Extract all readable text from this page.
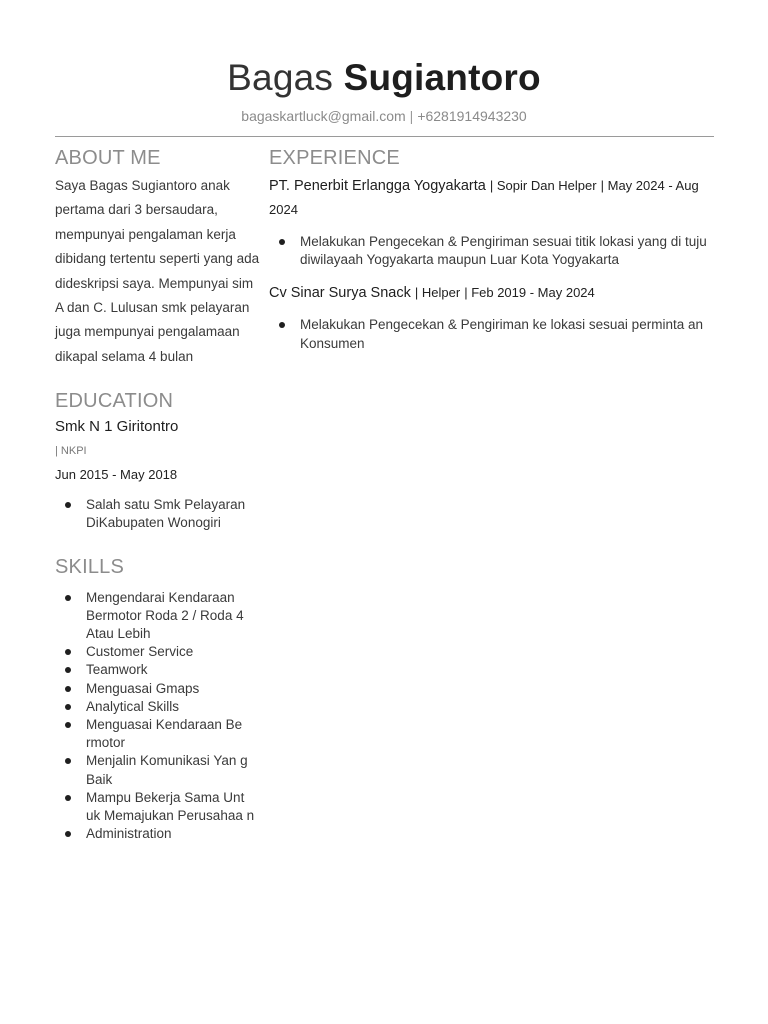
Bagas Sugiantoro
bagaskartluck@gmail.com | +6281914943230
ABOUT ME
Saya Bagas Sugiantoro anak pertama dari 3 bersaudara, mempunyai pengalaman kerja dibidang tertentu seperti yang ada dideskripsi saya. Mempunyai sim A dan C. Lulusan smk pelayaran juga mempunyai pengalamaan dikapal selama 4 bulan
EDUCATION
Smk N 1 Giritontro
| NKPI
Jun 2015 - May 2018
Salah satu Smk Pelayaran DiKabupaten Wonogiri
SKILLS
Mengendarai Kendaraan Bermotor Roda 2 / Roda 4 Atau Lebih
Customer Service
Teamwork
Menguasai Gmaps
Analytical Skills
Menguasai Kendaraan Be rmotor
Menjalin Komunikasi Yan g Baik
Mampu Bekerja Sama Unt uk Memajukan Perusahaa n
Administration
EXPERIENCE
PT. Penerbit Erlangga Yogyakarta | Sopir Dan Helper | May 2024 - Aug 2024
Melakukan Pengecekan & Pengiriman sesuai titik lokasi yang di tuju diwilayaah Yogyakarta maupun Luar Kota Yogyakarta
Cv Sinar Surya Snack | Helper | Feb 2019 - May 2024
Melakukan Pengecekan & Pengiriman ke lokasi sesuai perminta an Konsumen
